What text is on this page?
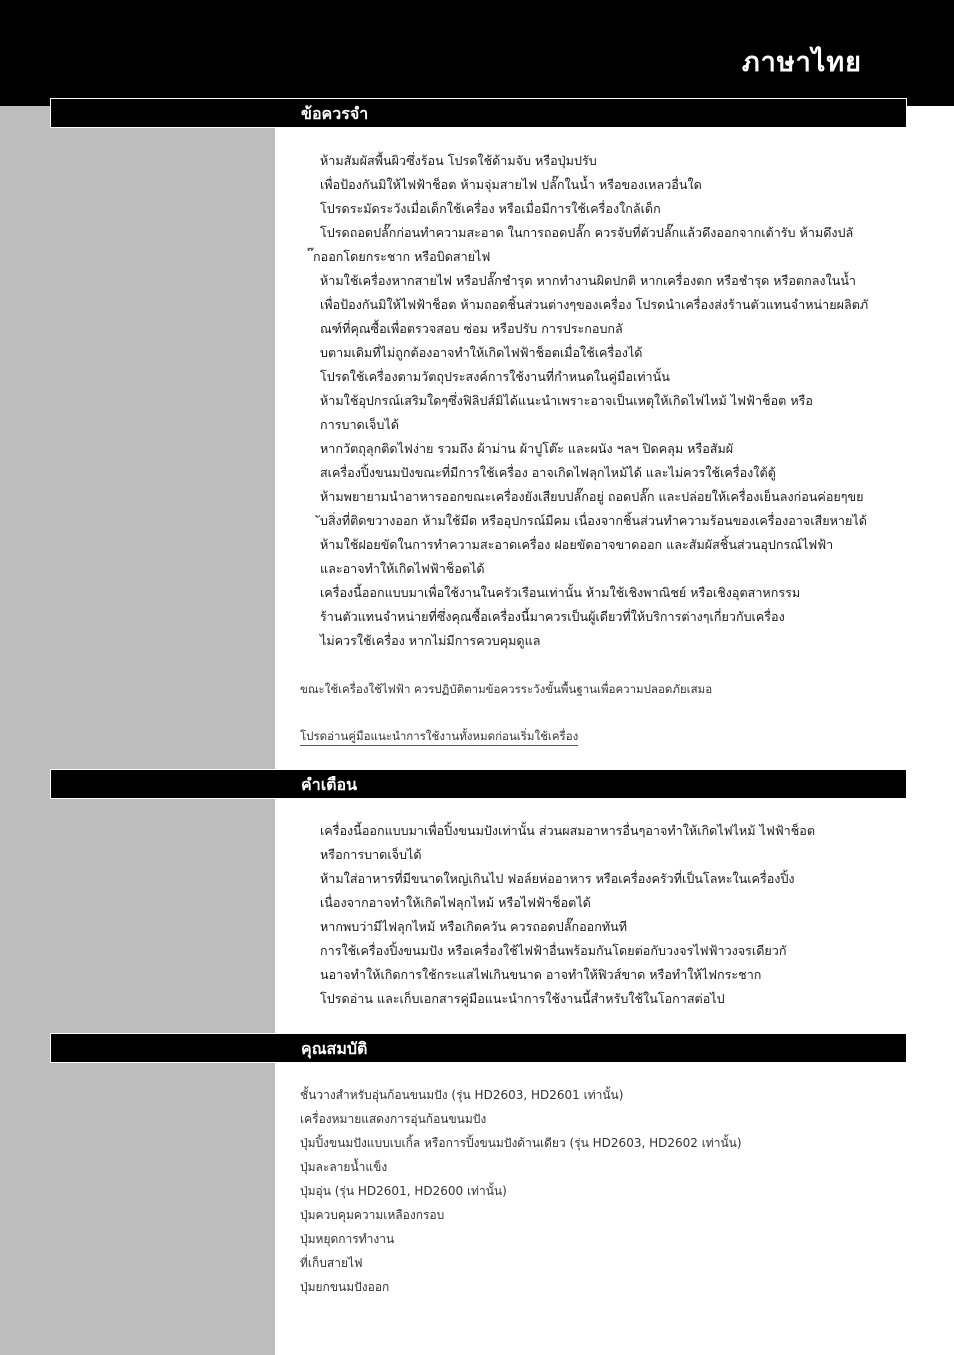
ภาษาไทย
ข้อควรจำ
ห้ามสัมผัสพื้นผิวซึ่งร้อน โปรดใช้ด้ามจับ หรือปุ่มปรับ
เพื่อป้องกันมิให้ไฟฟ้าช็อต ห้ามจุ่มสายไฟ ปลั๊กในน้ำ หรือของเหลวอื่นใด
โปรดระมัดระวังเมื่อเด็กใช้เครื่อง หรือเมื่อมีการใช้เครื่องใกล้เด็ก
โปรดถอดปลั๊กก่อนทำความสะอาด ในการถอดปลั๊ก ควรจับที่ตัวปลั๊กแล้วดึงออกจากเต้ารับ ห้ามดึงปลั
๊กออกโดยกระชาก หรือบิดสายไฟ
ห้ามใช้เครื่องหากสายไฟ หรือปลั๊กชำรุด หากทำงานผิดปกติ หากเครื่องตก หรือชำรุด หรือตกลงในน้ำ
เพื่อป้องกันมิให้ไฟฟ้าช็อต ห้ามถอดชิ้นส่วนต่างๆของเครื่อง โปรดนำเครื่องส่งร้านตัวแทนจำหน่ายผลิตภั
ณฑ์ที่คุณซื้อเพื่อตรวจสอบ ซ่อม หรือปรับ การประกอบกลั
บตามเดิมที่ไม่ถูกต้องอาจทำให้เกิดไฟฟ้าช็อตเมื่อใช้เครื่องได้
โปรดใช้เครื่องตามวัตถุประสงค์การใช้งานที่กำหนดในคู่มือเท่านั้น
ห้ามใช้อุปกรณ์เสริมใดๆซึ่งฟิลิปส์มิได้แนะนำเพราะอาจเป็นเหตุให้เกิดไฟไหม้ ไฟฟ้าช็อต หรือ
การบาดเจ็บได้
หากวัตถุลุกติดไฟง่าย รวมถึง ผ้าม่าน ผ้าปูโต๊ะ และผนัง ฯลฯ ปิดคลุม หรือสัมผั
สเครื่องปิ้งขนมปังขณะที่มีการใช้เครื่อง อาจเกิดไฟลุกไหม้ได้ และไม่ควรใช้เครื่องใต้ตู้
ห้ามพยายามนำอาหารออกขณะเครื่องยังเสียบปลั๊กอยู่ ถอดปลั๊ก และปล่อยให้เครื่องเย็นลงก่อนค่อยๆขย
ับสิ่งที่ติดขวางออก ห้ามใช้มีด หรืออุปกรณ์มีคม เนื่องจากชิ้นส่วนทำความร้อนของเครื่องอาจเสียหายได้
ห้ามใช้ฝอยขัดในการทำความสะอาดเครื่อง ฝอยขัดอาจขาดออก และสัมผัสชิ้นส่วนอุปกรณ์ไฟฟ้า
และอาจทำให้เกิดไฟฟ้าช็อตได้
เครื่องนี้ออกแบบมาเพื่อใช้งานในครัวเรือนเท่านั้น ห้ามใช้เชิงพาณิชย์ หรือเชิงอุตสาหกรรม
ร้านตัวแทนจำหน่ายที่ซึ่งคุณซื้อเครื่องนี้มาควรเป็นผู้เดียวที่ให้บริการต่างๆเกี่ยวกับเครื่อง
ไม่ควรใช้เครื่อง หากไม่มีการควบคุมดูแล
ขณะใช้เครื่องใช้ไฟฟ้า ควรปฏิบัติตามข้อควรระวังขั้นพื้นฐานเพื่อความปลอดภัยเสมอ
โปรดอ่านคู่มือแนะนำการใช้งานทั้งหมดก่อนเริ่มใช้เครื่อง
คำเตือน
เครื่องนี้ออกแบบมาเพื่อปิ้งขนมปังเท่านั้น ส่วนผสมอาหารอื่นๆอาจทำให้เกิดไฟไหม้ ไฟฟ้าช็อต
หรือการบาดเจ็บได้
ห้ามใส่อาหารที่มีขนาดใหญ่เกินไป ฟอล์ยห่ออาหาร หรือเครื่องครัวที่เป็นโลหะในเครื่องปิ้ง
เนื่องจากอาจทำให้เกิดไฟลุกไหม้ หรือไฟฟ้าช็อตได้
หากพบว่ามีไฟลุกไหม้ หรือเกิดควัน ควรถอดปลั๊กออกทันที
การใช้เครื่องปิ้งขนมปัง หรือเครื่องใช้ไฟฟ้าอื่นพร้อมกันโดยต่อกับวงจรไฟฟ้าวงจรเดียวกั
นอาจทำให้เกิดการใช้กระแสไฟเกินขนาด อาจทำให้ฟิวส์ขาด หรือทำให้ไฟกระชาก
โปรดอ่าน และเก็บเอกสารคู่มือแนะนำการใช้งานนี้สำหรับใช้ในโอกาสต่อไป
คุณสมบัติ
ชั้นวางสำหรับอุ่นก้อนขนมปัง (รุ่น HD2603, HD2601 เท่านั้น)
เครื่องหมายแสดงการอุ่นก้อนขนมปัง
ปุ่มปิ้งขนมปังแบบเบเกิ้ล หรือการปิ้งขนมปังด้านเดียว (รุ่น HD2603, HD2602 เท่านั้น)
ปุ่มละลายน้ำแข็ง
ปุ่มอุ่น (รุ่น HD2601, HD2600 เท่านั้น)
ปุ่มควบคุมความเหลืองกรอบ
ปุ่มหยุดการทำงาน
ที่เก็บสายไฟ
ปุ่มยกขนมปังออก
